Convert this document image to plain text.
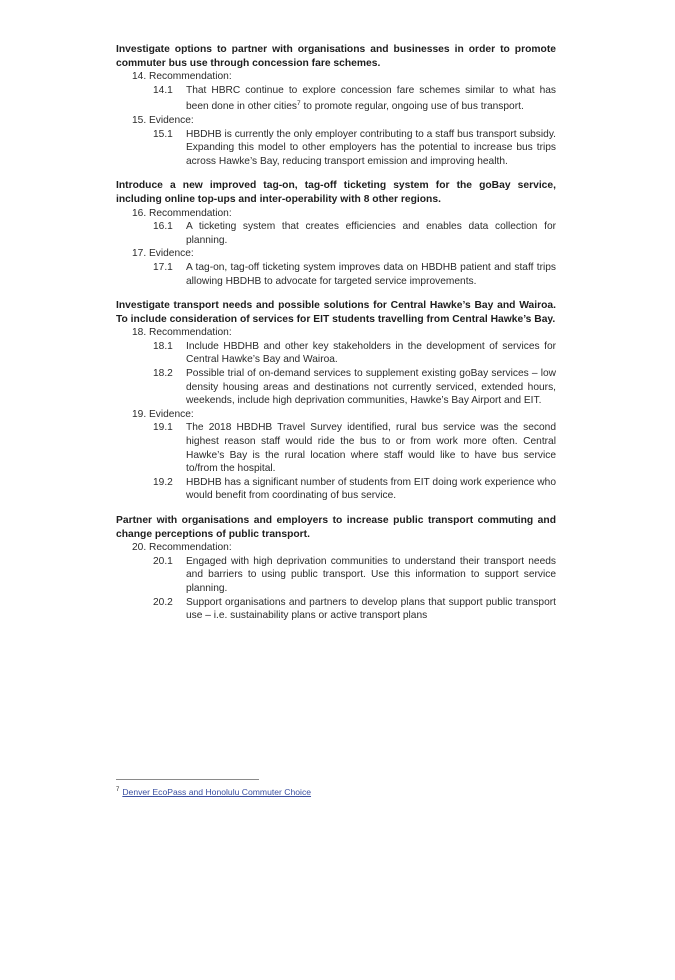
Investigate options to partner with organisations and businesses in order to promote commuter bus use through concession fare schemes.
14. Recommendation:
14.1 That HBRC continue to explore concession fare schemes similar to what has been done in other cities$^7$ to promote regular, ongoing use of bus transport.
15. Evidence:
15.1 HBDHB is currently the only employer contributing to a staff bus transport subsidy. Expanding this model to other employers has the potential to increase bus trips across Hawke’s Bay, reducing transport emission and improving health.
Introduce a new improved tag-on, tag-off ticketing system for the goBay service, including online top-ups and inter-operability with 8 other regions.
16. Recommendation:
16.1 A ticketing system that creates efficiencies and enables data collection for planning.
17. Evidence:
17.1 A tag-on, tag-off ticketing system improves data on HBDHB patient and staff trips allowing HBDHB to advocate for targeted service improvements.
Investigate transport needs and possible solutions for Central Hawke’s Bay and Wairoa. To include consideration of services for EIT students travelling from Central Hawke’s Bay.
18. Recommendation:
18.1 Include HBDHB and other key stakeholders in the development of services for Central Hawke’s Bay and Wairoa.
18.2 Possible trial of on-demand services to supplement existing goBay services – low density housing areas and destinations not currently serviced, extended hours, weekends, include high deprivation communities, Hawke’s Bay Airport and EIT.
19. Evidence:
19.1 The 2018 HBDHB Travel Survey identified, rural bus service was the second highest reason staff would ride the bus to or from work more often. Central Hawke’s Bay is the rural location where staff would like to have bus service to/from the hospital.
19.2 HBDHB has a significant number of students from EIT doing work experience who would benefit from coordinating of bus service.
Partner with organisations and employers to increase public transport commuting and change perceptions of public transport.
20. Recommendation:
20.1 Engaged with high deprivation communities to understand their transport needs and barriers to using public transport. Use this information to support service planning.
20.2 Support organisations and partners to develop plans that support public transport use – i.e. sustainability plans or active transport plans
$^7$ Denver EcoPass and Honolulu Commuter Choice
